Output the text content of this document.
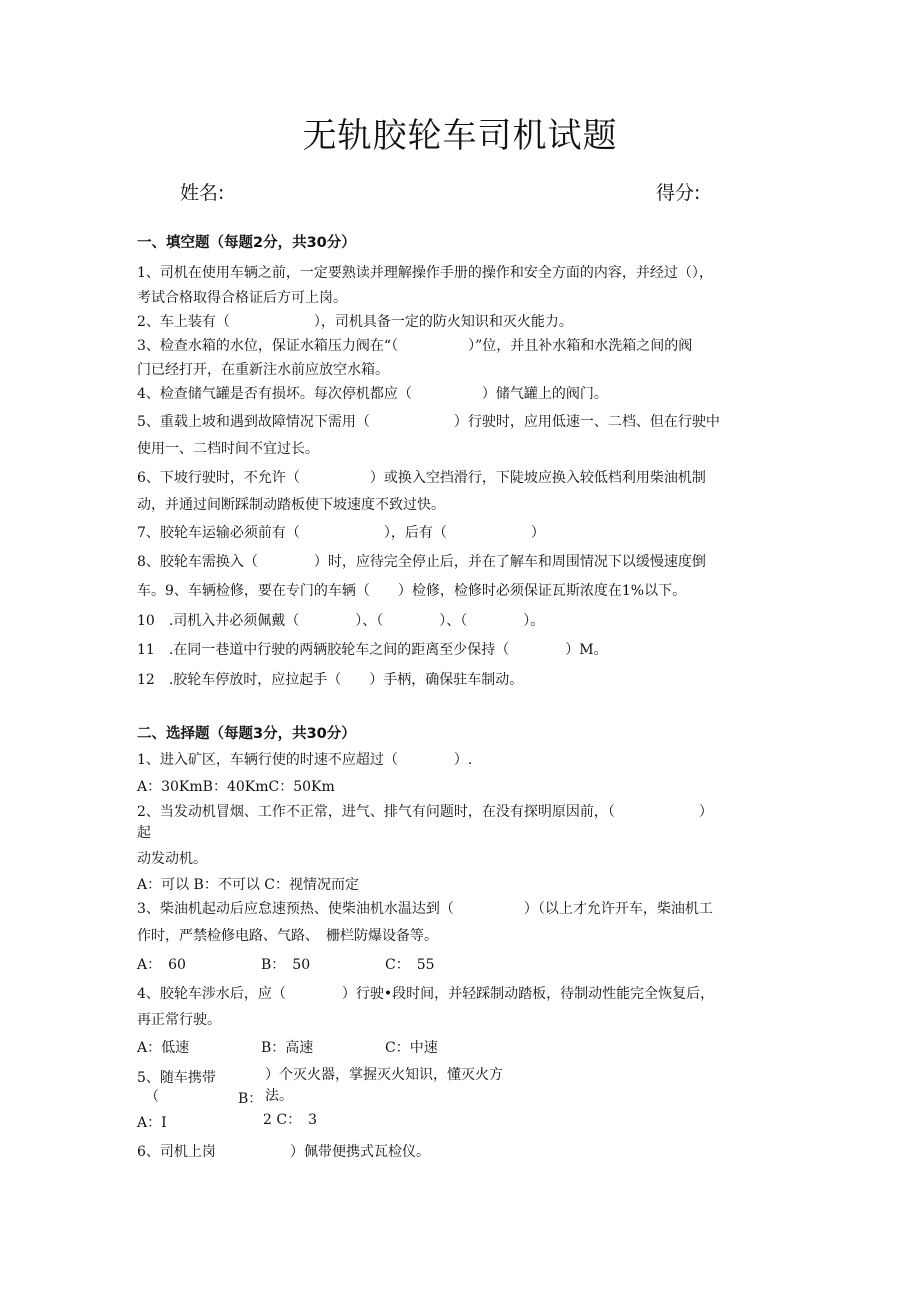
无轨胶轮车司机试题
姓名:	得分:
一、填空题（每题2分，共30分）
1、司机在使用车辆之前，一定要熟读并理解操作手册的操作和安全方面的内容，并经过（），
考试合格取得合格证后方可上岗。
2、车上装有（　　　　　　），司机具备一定的防火知识和灭火能力。
3、检查水箱的水位，保证水箱压力阀在“（　　　　　）”位，并且补水箱和水洗箱之间的阀
门已经打开，在重新注水前应放空水箱。
4、检查储气罐是否有损坏。每次停机都应（　　　　　）储气罐上的阀门。
5、重载上坡和遇到故障情况下需用（　　　　　　）行驶时，应用低速一、二档、但在行驶中
使用一、二档时间不宜过长。
6、下坡行驶时，不允许（　　　　　）或换入空挡滑行，下陡坡应换入较低档利用柴油机制
动，并通过间断踩制动踏板使下坡速度不致过快。
7、胶轮车运输必须前有（　　　　　　），后有（　　　　　　）
8、胶轮车需换入（　　　　）时，应待完全停止后，并在了解车和周围情况下以缓慢速度倒
车。9、车辆检修，要在专门的车辆（　　）检修，检修时必须保证瓦斯浓度在1%以下。
10　.司机入井必须佩戴（　　　　）、（　　　　）、（　　　　）。
11　.在同一巷道中行驶的两辆胶轮车之间的距离至少保持（　　　　）M。
12　.胶轮车停放时，应拉起手（　　）手柄，确保驻车制动。
二、选择题（每题3分，共30分）
1、进入矿区，车辆行使的时速不应超过（　　　　）.
A：30KmB：40KmC：50Km
2、当发动机冒烟、工作不正常，进气、排气有问题时，在没有探明原因前，（　　　　　　）
起
动发动机。
A：可以 B：不可以 C：视情况而定
3、柴油机起动后应怠速预热、使柴油机水温达到（　　　　　）（以上才允许开车，柴油机工
作时，严禁检修电路、气路、　栅栏防爆设备等。
A：　60	B：　50	C：　55
4、胶轮车涉水后，应（　　　　）行驶•段时间，并轻踩制动踏板，待制动性能完全恢复后，
再正常行驶。
A：低速	B：高速	C：中速
5、随车携带	）个灭火器，掌握灭火知识，懂灭火方
（	B： 法。
A：Ⅰ	2 C：　3
6、司机上岗	）佩带便携式瓦检仪。
